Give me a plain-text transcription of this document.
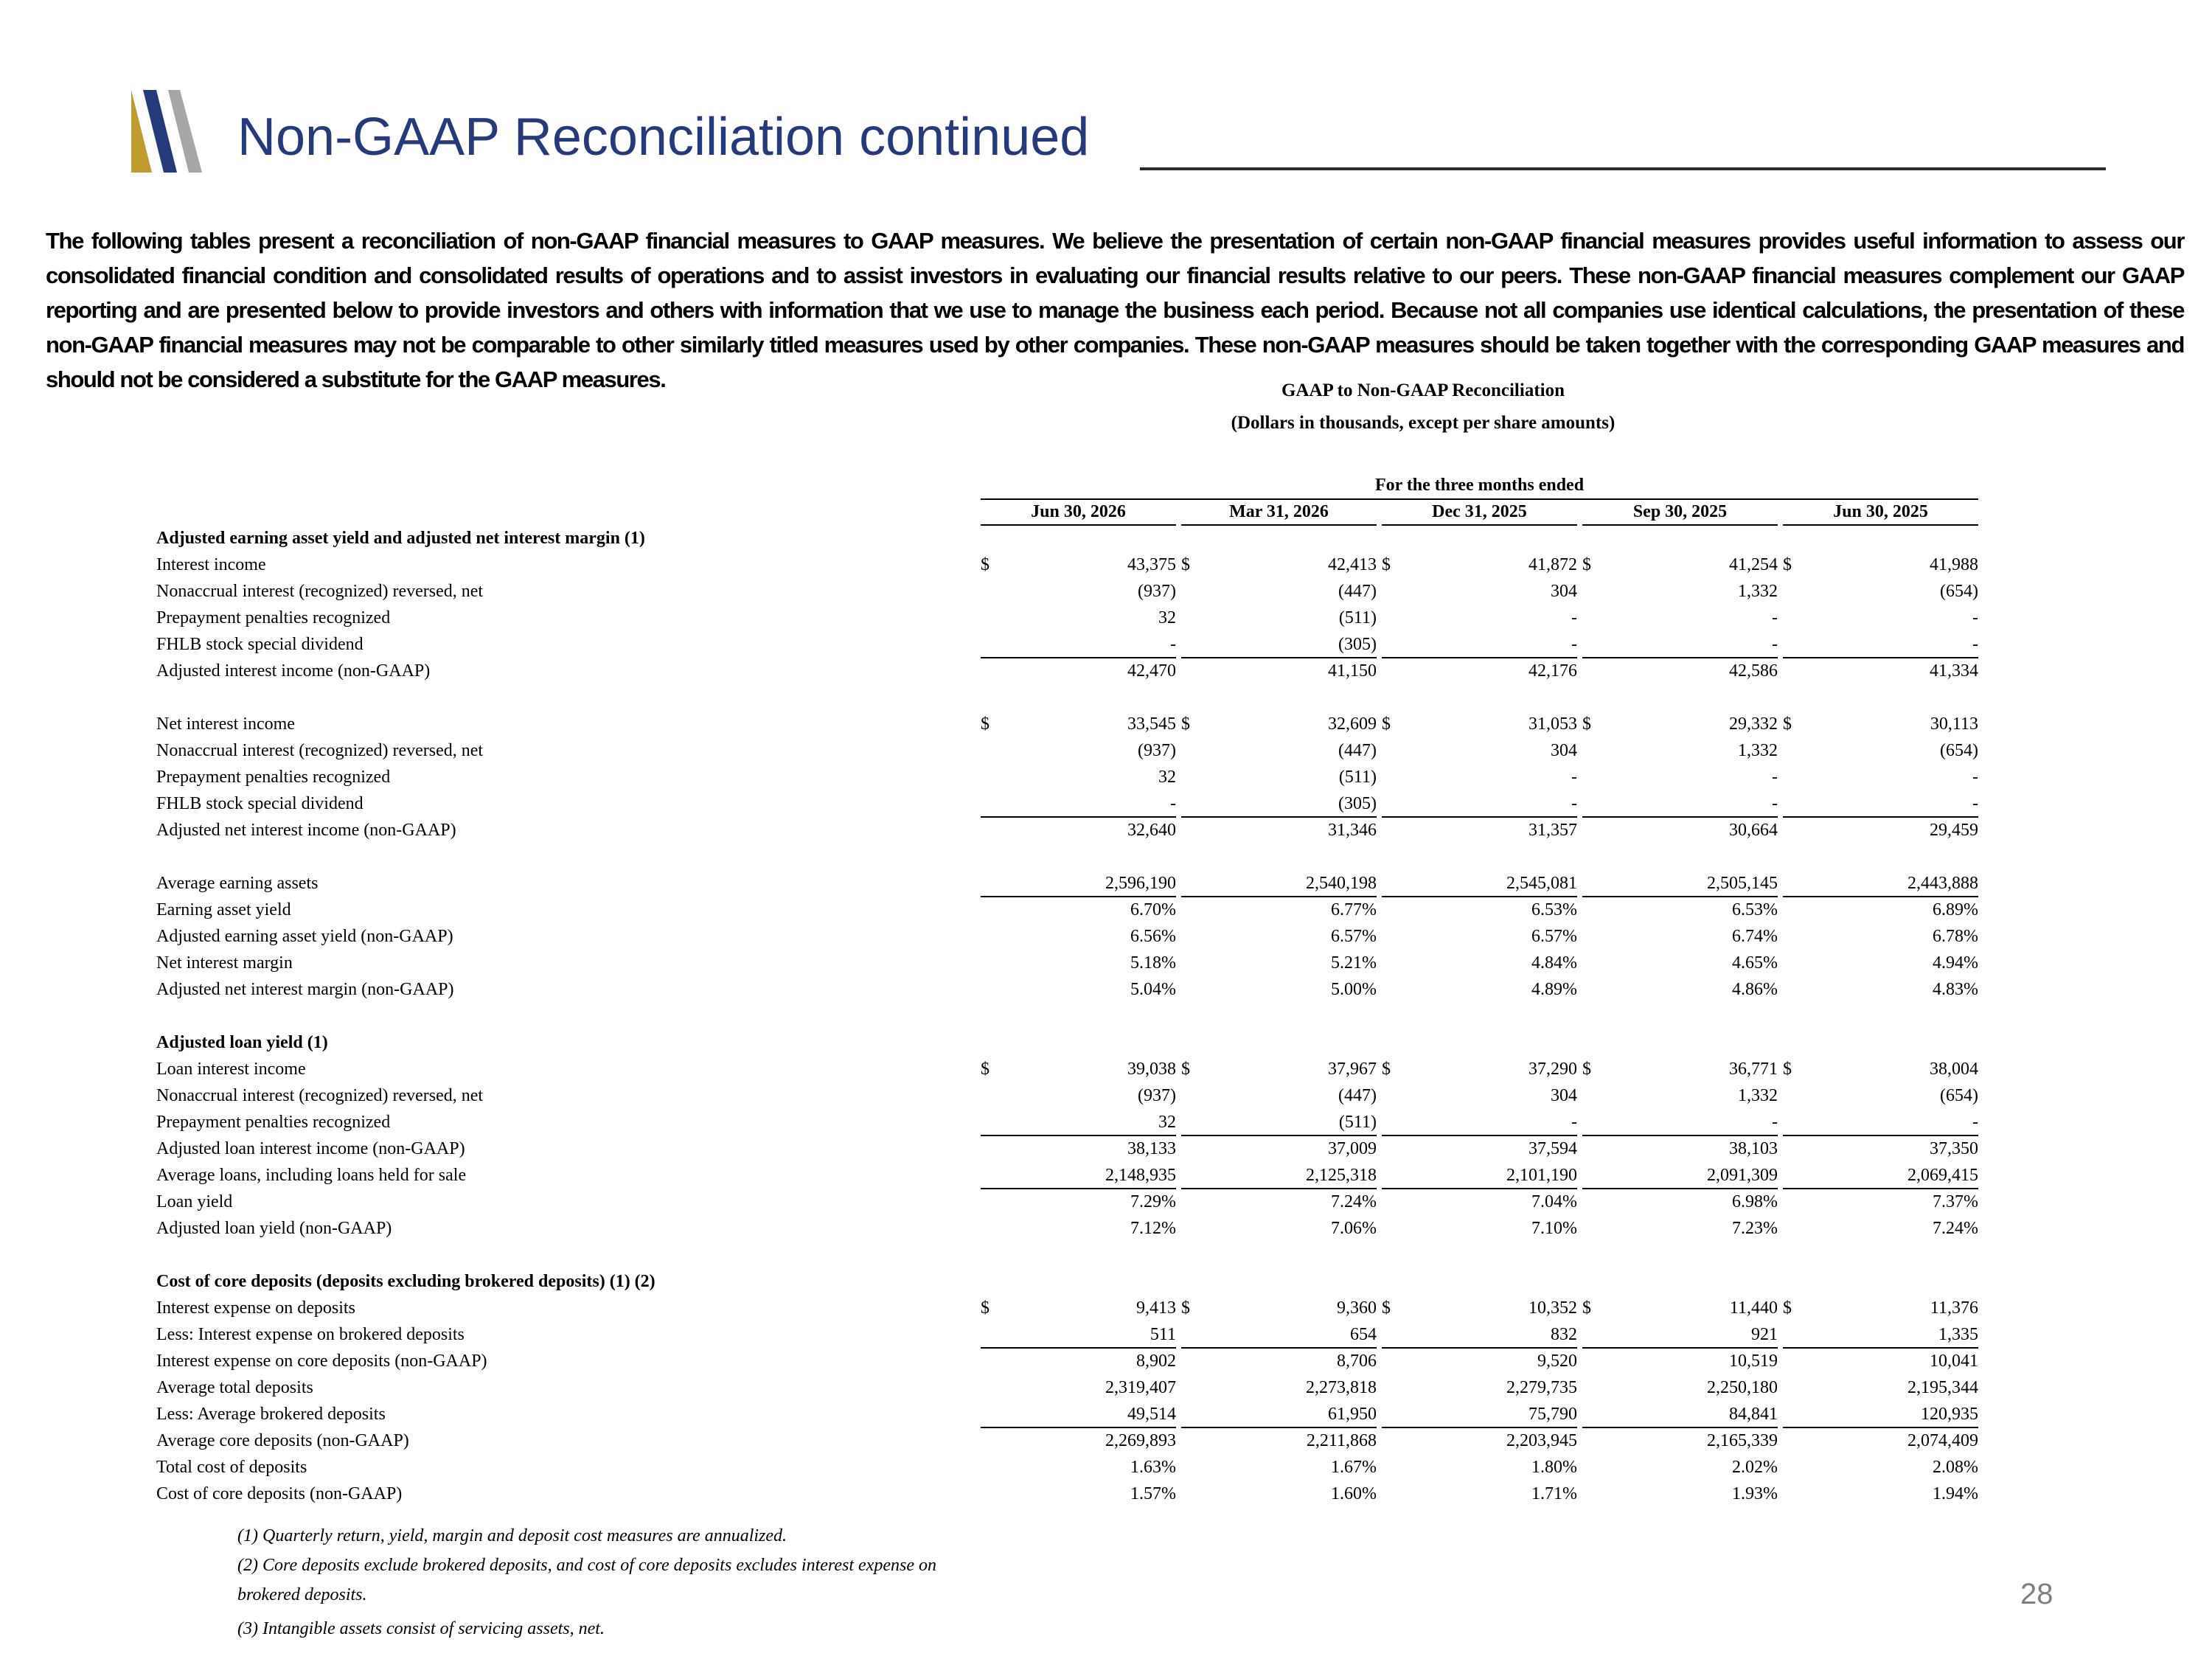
Non-GAAP Reconciliation continued

The following tables present a reconciliation of non-GAAP financial measures to GAAP measures. We believe the presentation of certain non-GAAP financial measures provides useful information to assess our consolidated financial condition and consolidated results of operations and to assist investors in evaluating our financial results relative to our peers. These non-GAAP financial measures complement our GAAP reporting and are presented below to provide investors and others with information that we use to manage the business each period. Because not all companies use identical calculations, the presentation of these non-GAAP financial measures may not be comparable to other similarly titled measures used by other companies. These non-GAAP measures should be taken together with the corresponding GAAP measures and should not be considered a substitute for the GAAP measures.	GAAP to Non-GAAP Reconciliation
(Dollars in thousands, except per share amounts)
For the three months ended
Jun 30, 2026	Mar 31, 2026	Dec 31, 2025	Sep 30, 2025	Jun 30, 2025
Adjusted earning asset yield and adjusted net interest margin (1)
Interest income	$	43,375 $	42,413 $	41,872 $	41,254 $	41,988
Nonaccrual interest (recognized) reversed, net	(937)	(447)	304	1,332	(654)
Prepayment penalties recognized	32	(511)	-	-	-
FHLB stock special dividend	-	(305)	-	-	-
Adjusted interest income (non-GAAP)	42,470	41,150	42,176	42,586	41,334
Net interest income	$	33,545 $	32,609 $	31,053 $	29,332 $	30,113
Nonaccrual interest (recognized) reversed, net	(937)	(447)	304	1,332	(654)
Prepayment penalties recognized	32	(511)	-	-	-
FHLB stock special dividend	-	(305)	-	-	-
Adjusted net interest income (non-GAAP)	32,640	31,346	31,357	30,664	29,459
Average earning assets	2,596,190	2,540,198	2,545,081	2,505,145	2,443,888
Earning asset yield	6.70%	6.77%	6.53%	6.53%	6.89%
Adjusted earning asset yield (non-GAAP)	6.56%	6.57%	6.57%	6.74%	6.78%
Net interest margin	5.18%	5.21%	4.84%	4.65%	4.94%
Adjusted net interest margin (non-GAAP)	5.04%	5.00%	4.89%	4.86%	4.83%
Adjusted loan yield (1)
Loan interest income	$	39,038 $	37,967 $	37,290 $	36,771 $	38,004
Nonaccrual interest (recognized) reversed, net	(937)	(447)	304	1,332	(654)
Prepayment penalties recognized	32	(511)	-	-	-
Adjusted loan interest income (non-GAAP)	38,133	37,009	37,594	38,103	37,350
Average loans, including loans held for sale	2,148,935	2,125,318	2,101,190	2,091,309	2,069,415
Loan yield	7.29%	7.24%	7.04%	6.98%	7.37%
Adjusted loan yield (non-GAAP)	7.12%	7.06%	7.10%	7.23%	7.24%
Cost of core deposits (deposits excluding brokered deposits) (1) (2)
Interest expense on deposits	$	9,413 $	9,360 $	10,352 $	11,440 $	11,376
Less: Interest expense on brokered deposits	511	654	832	921	1,335
Interest expense on core deposits (non-GAAP)	8,902	8,706	9,520	10,519	10,041
Average total deposits	2,319,407	2,273,818	2,279,735	2,250,180	2,195,344
Less: Average brokered deposits	49,514	61,950	75,790	84,841	120,935
Average core deposits (non-GAAP)	2,269,893	2,211,868	2,203,945	2,165,339	2,074,409
Total cost of deposits	1.63%	1.67%	1.80%	2.02%	2.08%
Cost of core deposits (non-GAAP)	1.57%	1.60%	1.71%	1.93%	1.94%

(1) Quarterly return, yield, margin and deposit cost measures are annualized.

(2) Core deposits exclude brokered deposits, and cost of core deposits excludes interest expense on

brokered deposits.

(3) Intangible assets consist of servicing assets, net.

28
